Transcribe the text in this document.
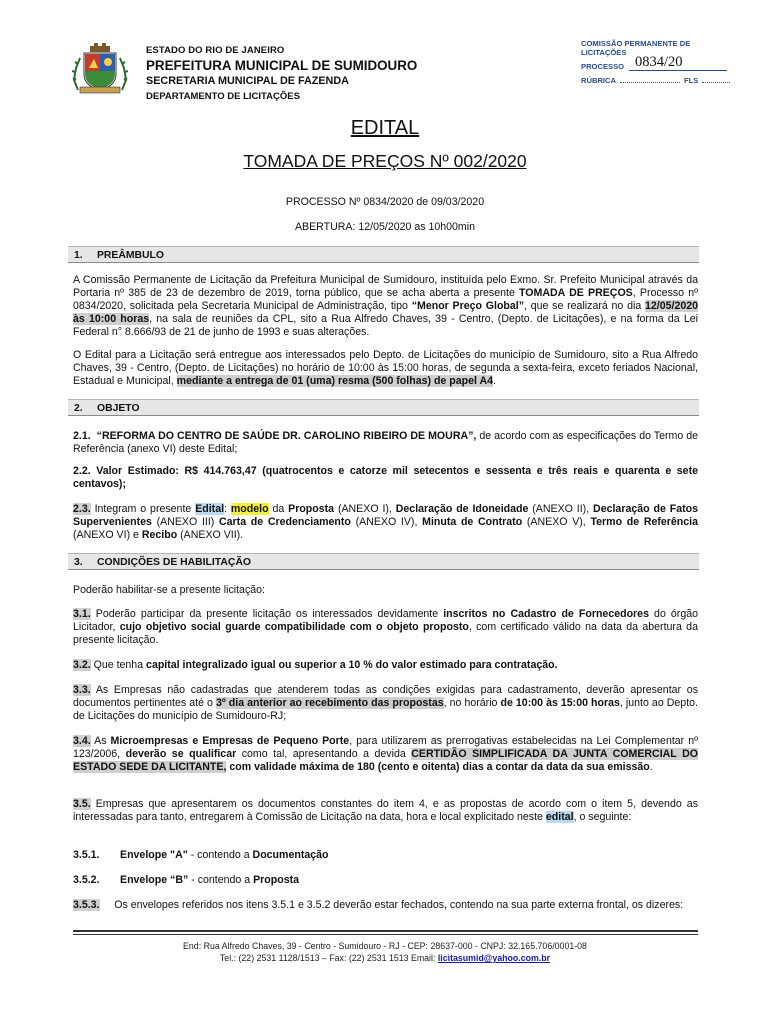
ESTADO DO RIO DE JANEIRO
PREFEITURA MUNICIPAL DE SUMIDOURO
SECRETARIA MUNICIPAL DE FAZENDA
DEPARTAMENTO DE LICITAÇÕES
COMISSÃO PERMANENTE DE LICITAÇÕES
PROCESSO 0834/20
RÚBRICA	FLS
EDITAL
TOMADA DE PREÇOS Nº 002/2020
PROCESSO Nº 0834/2020 de 09/03/2020
ABERTURA: 12/05/2020 as 10h00min
1. PREÂMBULO

A Comissão Permanente de Licitação da Prefeitura Municipal de Sumidouro, instituída pelo Exmo. Sr. Prefeito Municipal através da Portaria nº 385 de 23 de dezembro de 2019, torna público, que se acha aberta a presente TOMADA DE PREÇOS, Processo nº 0834/2020, solicitada pela Secretaria Municipal de Administração, tipo “Menor Preço Global”, que se realizará no dia 12/05/2020 às 10:00 horas, na sala de reuniões da CPL, sito a Rua Alfredo Chaves, 39 - Centro, (Depto. de Licitações), e na forma da Lei Federal n° 8.666/93 de 21 de junho de 1993 e suas alterações.

O Edital para a Licitação será entregue aos interessados pelo Depto. de Licitações do município de Sumidouro, sito a Rua Alfredo Chaves, 39 - Centro, (Depto. de Licitações) no horário de 10:00 às 15:00 horas, de segunda a sexta-feira, exceto feriados Nacional, Estadual e Municipal, mediante a entrega de 01 (uma) resma (500 folhas) de papel A4.

2. OBJETO

2.1. “REFORMA DO CENTRO DE SAÚDE DR. CAROLINO RIBEIRO DE MOURA”, de acordo com as especificações do Termo de Referência (anexo VI) deste Edital;

2.2. Valor Estimado: R$ 414.763,47 (quatrocentos e catorze mil setecentos e sessenta e três reais e quarenta e sete centavos);

2.3. Integram o presente Edital: modelo da Proposta (ANEXO I), Declaração de Idoneidade (ANEXO II), Declaração de Fatos Supervenientes (ANEXO III) Carta de Credenciamento (ANEXO IV), Minuta de Contrato (ANEXO V), Termo de Referência (ANEXO VI) e Recibo (ANEXO VII).

3. CONDIÇÕES DE HABILITAÇÃO

Poderão habilitar-se a presente licitação:

3.1. Poderão participar da presente licitação os interessados devidamente inscritos no Cadastro de Fornecedores do órgão Licitador, cujo objetivo social guarde compatibilidade com o objeto proposto, com certificado válido na data da abertura da presente licitação.

3.2. Que tenha capital integralizado igual ou superior a 10 % do valor estimado para contratação.

3.3. As Empresas não cadastradas que atenderem todas as condições exigidas para cadastramento, deverão apresentar os documentos pertinentes até o 3º dia anterior ao recebimento das propostas, no horário de 10:00 às 15:00 horas, junto ao Depto. de Licitações do município de Sumidouro-RJ;

3.4. As Microempresas e Empresas de Pequeno Porte, para utilizarem as prerrogativas estabelecidas na Lei Complementar nº 123/2006, deverão se qualificar como tal, apresentando a devida CERTIDÃO SIMPLIFICADA DA JUNTA COMERCIAL DO ESTADO SEDE DA LICITANTE, com validade máxima de 180 (cento e oitenta) dias a contar da data da sua emissão.

3.5. Empresas que apresentarem os documentos constantes do item 4, e as propostas de acordo com o item 5, devendo as interessadas para tanto, entregarem à Comissão de Licitação na data, hora e local explicitado neste edital, o seguinte:

3.5.1. Envelope "A" - contendo a Documentação
3.5.2. Envelope “B” - contendo a Proposta

3.5.3. Os envelopes referidos nos itens 3.5.1 e 3.5.2 deverão estar fechados, contendo na sua parte externa frontal, os dizeres:

End: Rua Alfredo Chaves, 39 - Centro - Sumidouro - RJ - CEP: 28637-000 - CNPJ: 32.165.706/0001-08
Tel.: (22) 2531 1128/1513 – Fax: (22) 2531 1513 Email: licitasumid@yahoo.com.br
